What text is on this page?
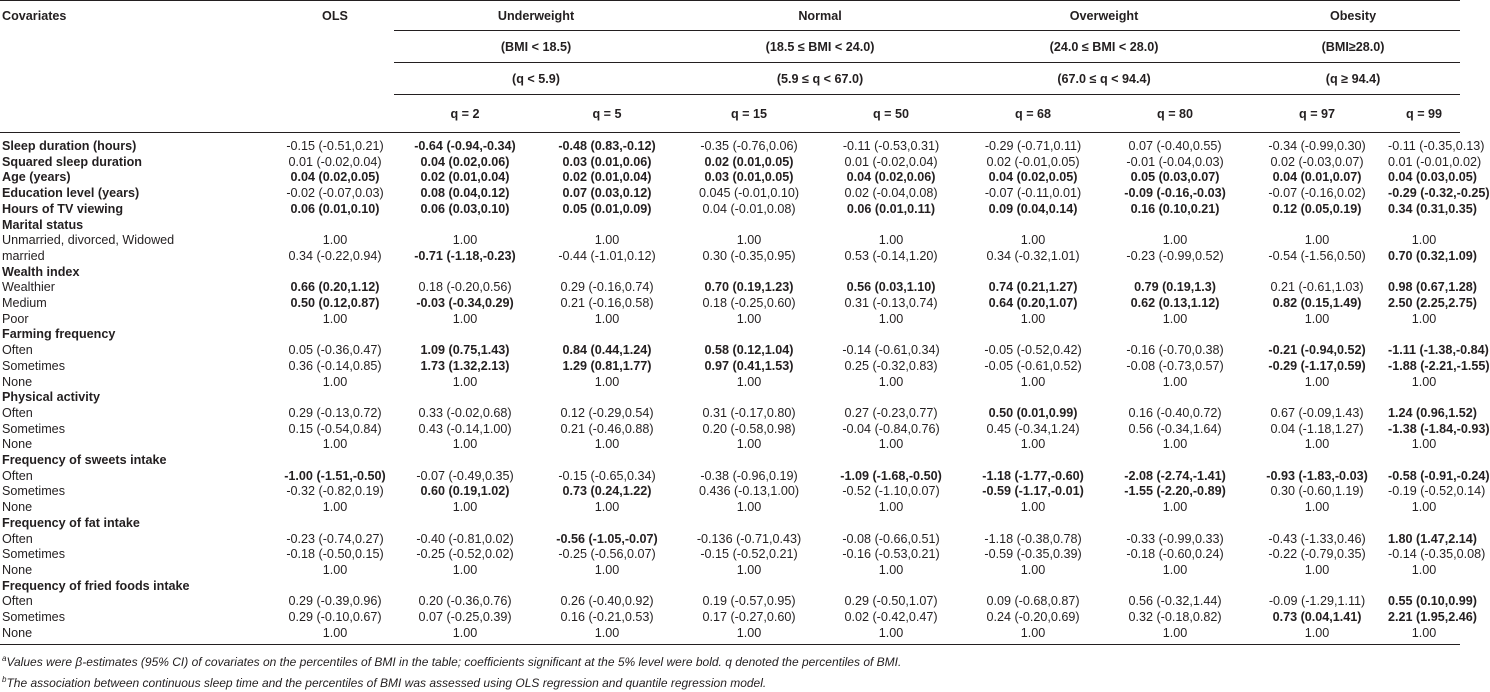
Covariates	OLS	Underweight		Normal		Overweight		Obesity	
		(BMI < 18.5)		(18.5 ≤ BMI < 24.0)		(24.0 ≤ BMI < 28.0)		(BMI≥28.0)	
		(q < 5.9)		(5.9 ≤ q < 67.0)		(67.0 ≤ q < 94.4)		(q ≥ 94.4)	
		q = 2	q = 5	q = 15	q = 50	q = 68	q = 80	q = 97	q = 99
Sleep duration (hours)	-0.15 (-0.51,0.21)	-0.64 (-0.94,-0.34)	-0.48 (0.83,-0.12)	-0.35 (-0.76,0.06)	-0.11 (-0.53,0.31)	-0.29 (-0.71,0.11)	0.07 (-0.40,0.55)	-0.34 (-0.99,0.30)	-0.11 (-0.35,0.13)
Squared sleep duration	0.01 (-0.02,0.04)	0.04 (0.02,0.06)	0.03 (0.01,0.06)	0.02 (0.01,0.05)	0.01 (-0.02,0.04)	0.02 (-0.01,0.05)	-0.01 (-0.04,0.03)	0.02 (-0.03,0.07)	0.01 (-0.01,0.02)
Age (years)	0.04 (0.02,0.05)	0.02 (0.01,0.04)	0.02 (0.01,0.04)	0.03 (0.01,0.05)	0.04 (0.02,0.06)	0.04 (0.02,0.05)	0.05 (0.03,0.07)	0.04 (0.01,0.07)	0.04 (0.03,0.05)
Education level (years)	-0.02 (-0.07,0.03)	0.08 (0.04,0.12)	0.07 (0.03,0.12)	0.045 (-0.01,0.10)	0.02 (-0.04,0.08)	-0.07 (-0.11,0.01)	-0.09 (-0.16,-0.03)	-0.07 (-0.16,0.02)	-0.29 (-0.32,-0.25)
Hours of TV viewing	0.06 (0.01,0.10)	0.06 (0.03,0.10)	0.05 (0.01,0.09)	0.04 (-0.01,0.08)	0.06 (0.01,0.11)	0.09 (0.04,0.14)	0.16 (0.10,0.21)	0.12 (0.05,0.19)	0.34 (0.31,0.35)
Marital status									
Unmarried, divorced, Widowed	1.00	1.00	1.00	1.00	1.00	1.00	1.00	1.00	1.00
married	0.34 (-0.22,0.94)	-0.71 (-1.18,-0.23)	-0.44 (-1.01,0.12)	0.30 (-0.35,0.95)	0.53 (-0.14,1.20)	0.34 (-0.32,1.01)	-0.23 (-0.99,0.52)	-0.54 (-1.56,0.50)	0.70 (0.32,1.09)
Wealth index									
Wealthier	0.66 (0.20,1.12)	0.18 (-0.20,0.56)	0.29 (-0.16,0.74)	0.70 (0.19,1.23)	0.56 (0.03,1.10)	0.74 (0.21,1.27)	0.79 (0.19,1.3)	0.21 (-0.61,1.03)	0.98 (0.67,1.28)
Medium	0.50 (0.12,0.87)	-0.03 (-0.34,0.29)	0.21 (-0.16,0.58)	0.18 (-0.25,0.60)	0.31 (-0.13,0.74)	0.64 (0.20,1.07)	0.62 (0.13,1.12)	0.82 (0.15,1.49)	2.50 (2.25,2.75)
Poor	1.00	1.00	1.00	1.00	1.00	1.00	1.00	1.00	1.00
Farming frequency									
Often	0.05 (-0.36,0.47)	1.09 (0.75,1.43)	0.84 (0.44,1.24)	0.58 (0.12,1.04)	-0.14 (-0.61,0.34)	-0.05 (-0.52,0.42)	-0.16 (-0.70,0.38)	-0.21 (-0.94,0.52)	-1.11 (-1.38,-0.84)
Sometimes	0.36 (-0.14,0.85)	1.73 (1.32,2.13)	1.29 (0.81,1.77)	0.97 (0.41,1.53)	0.25 (-0.32,0.83)	-0.05 (-0.61,0.52)	-0.08 (-0.73,0.57)	-0.29 (-1.17,0.59)	-1.88 (-2.21,-1.55)
None	1.00	1.00	1.00	1.00	1.00	1.00	1.00	1.00	1.00
Physical activity									
Often	0.29 (-0.13,0.72)	0.33 (-0.02,0.68)	0.12 (-0.29,0.54)	0.31 (-0.17,0.80)	0.27 (-0.23,0.77)	0.50 (0.01,0.99)	0.16 (-0.40,0.72)	0.67 (-0.09,1.43)	1.24 (0.96,1.52)
Sometimes	0.15 (-0.54,0.84)	0.43 (-0.14,1.00)	0.21 (-0.46,0.88)	0.20 (-0.58,0.98)	-0.04 (-0.84,0.76)	0.45 (-0.34,1.24)	0.56 (-0.34,1.64)	0.04 (-1.18,1.27)	-1.38 (-1.84,-0.93)
None	1.00	1.00	1.00	1.00	1.00	1.00	1.00	1.00	1.00
Frequency of sweets intake									
Often	-1.00 (-1.51,-0.50)	-0.07 (-0.49,0.35)	-0.15 (-0.65,0.34)	-0.38 (-0.96,0.19)	-1.09 (-1.68,-0.50)	-1.18 (-1.77,-0.60)	-2.08 (-2.74,-1.41)	-0.93 (-1.83,-0.03)	-0.58 (-0.91,-0.24)
Sometimes	-0.32 (-0.82,0.19)	0.60 (0.19,1.02)	0.73 (0.24,1.22)	0.436 (-0.13,1.00)	-0.52 (-1.10,0.07)	-0.59 (-1.17,-0.01)	-1.55 (-2.20,-0.89)	0.30 (-0.60,1.19)	-0.19 (-0.52,0.14)
None	1.00	1.00	1.00	1.00	1.00	1.00	1.00	1.00	1.00
Frequency of fat intake									
Often	-0.23 (-0.74,0.27)	-0.40 (-0.81,0.02)	-0.56 (-1.05,-0.07)	-0.136 (-0.71,0.43)	-0.08 (-0.66,0.51)	-1.18 (-0.38,0.78)	-0.33 (-0.99,0.33)	-0.43 (-1.33,0.46)	1.80 (1.47,2.14)
Sometimes	-0.18 (-0.50,0.15)	-0.25 (-0.52,0.02)	-0.25 (-0.56,0.07)	-0.15 (-0.52,0.21)	-0.16 (-0.53,0.21)	-0.59 (-0.35,0.39)	-0.18 (-0.60,0.24)	-0.22 (-0.79,0.35)	-0.14 (-0.35,0.08)
None	1.00	1.00	1.00	1.00	1.00	1.00	1.00	1.00	1.00
Frequency of fried foods intake									
Often	0.29 (-0.39,0.96)	0.20 (-0.36,0.76)	0.26 (-0.40,0.92)	0.19 (-0.57,0.95)	0.29 (-0.50,1.07)	0.09 (-0.68,0.87)	0.56 (-0.32,1.44)	-0.09 (-1.29,1.11)	0.55 (0.10,0.99)
Sometimes	0.29 (-0.10,0.67)	0.07 (-0.25,0.39)	0.16 (-0.21,0.53)	0.17 (-0.27,0.60)	0.02 (-0.42,0.47)	0.24 (-0.20,0.69)	0.32 (-0.18,0.82)	0.73 (0.04,1.41)	2.21 (1.95,2.46)
None	1.00	1.00	1.00	1.00	1.00	1.00	1.00	1.00	1.00
$^a$Values were β-estimates (95% CI) of covariates on the percentiles of BMI in the table; coefficients significant at the 5% level were bold. q denoted the percentiles of BMI.
$^b$The association between continuous sleep time and the percentiles of BMI was assessed using OLS regression and quantile regression model.
